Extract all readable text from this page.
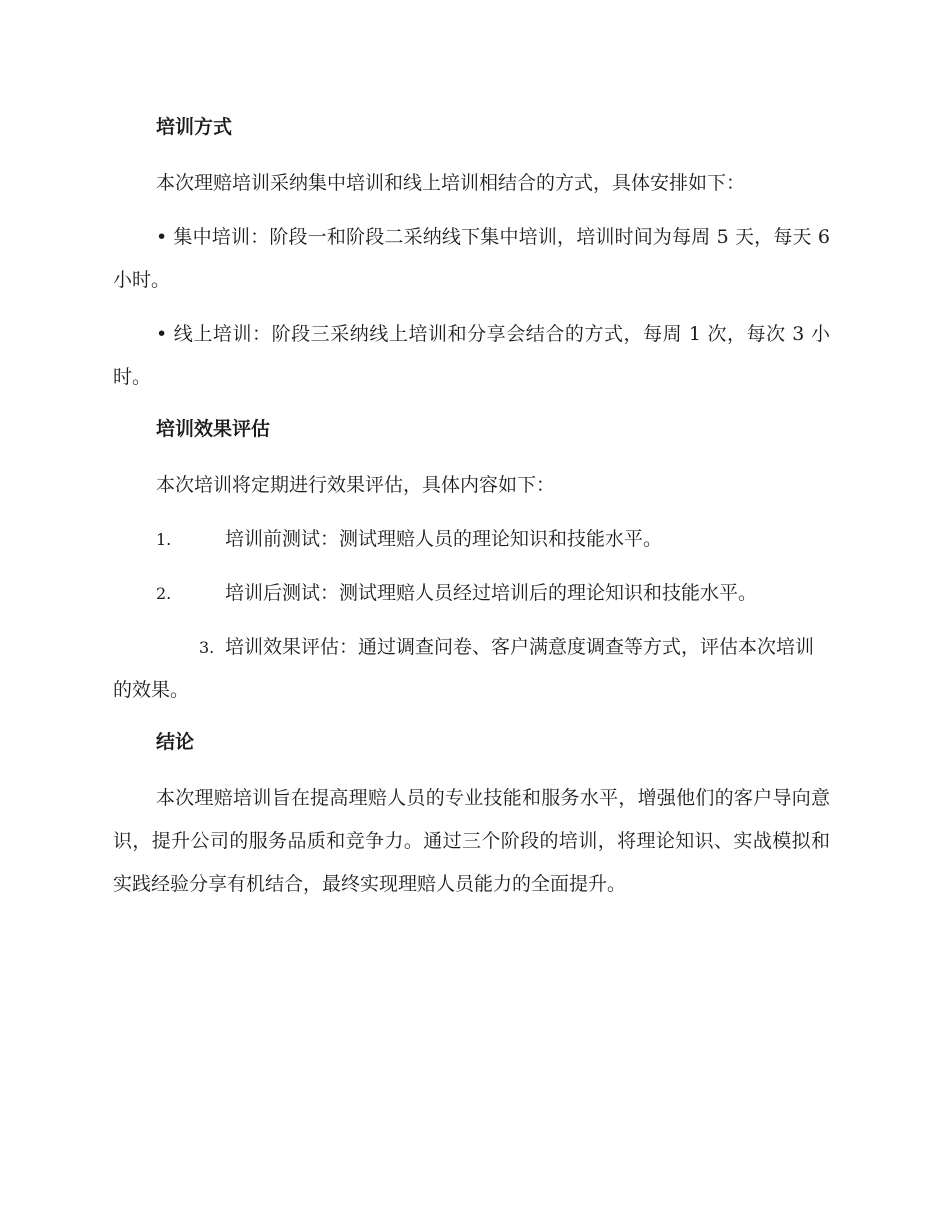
培训方式

本次理赔培训采纳集中培训和线上培训相结合的方式，具体安排如下：

• 集中培训：阶段一和阶段二采纳线下集中培训，培训时间为每周 5 天，每天 6 小时。

• 线上培训：阶段三采纳线上培训和分享会结合的方式，每周 1 次，每次 3 小时。

培训效果评估

本次培训将定期进行效果评估，具体内容如下：

1.	培训前测试：测试理赔人员的理论知识和技能水平。

2.	培训后测试：测试理赔人员经过培训后的理论知识和技能水平。

3. 培训效果评估：通过调查问卷、客户满意度调查等方式，评估本次培训的效果。

结论

本次理赔培训旨在提高理赔人员的专业技能和服务水平，增强他们的客户导向意识，提升公司的服务品质和竞争力。通过三个阶段的培训，将理论知识、实战模拟和实践经验分享有机结合，最终实现理赔人员能力的全面提升。
